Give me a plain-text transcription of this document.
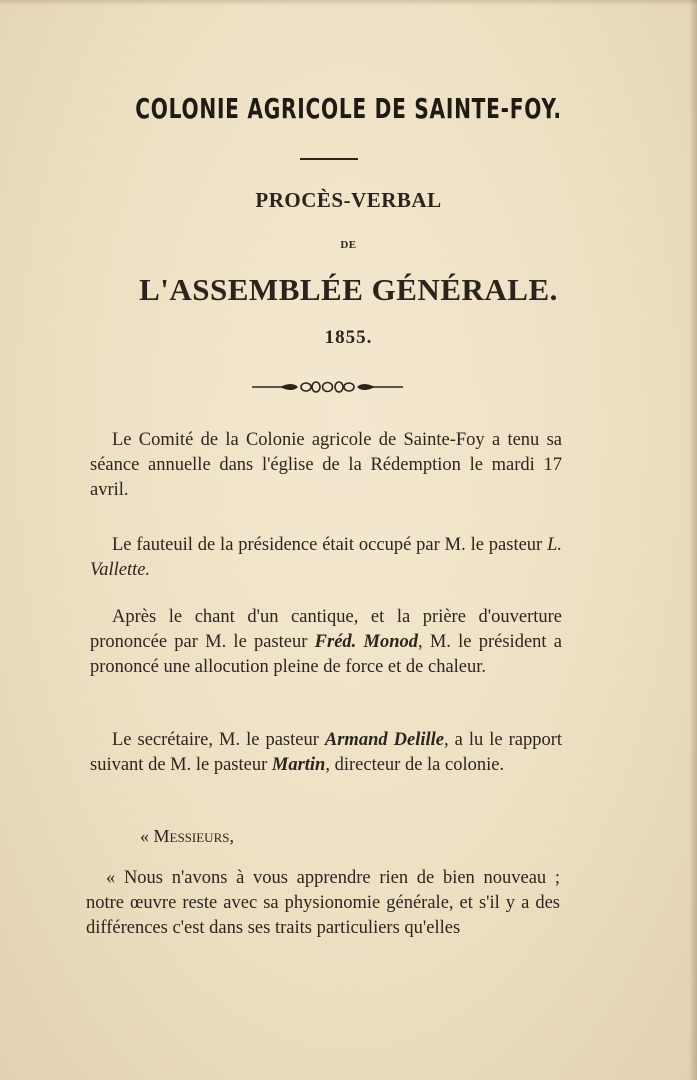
COLONIE AGRICOLE DE SAINTE-FOY.
PROCÈS-VERBAL
DE
L'ASSEMBLÉE GÉNÉRALE.
1855.

Le Comité de la Colonie agricole de Sainte-Foy a tenu sa séance annuelle dans l'église de la Rédemption le mardi 17 avril.

Le fauteuil de la présidence était occupé par M. le pasteur L. Vallette.

Après le chant d'un cantique, et la prière d'ouverture prononcée par M. le pasteur Fréd. Monod, M. le président a prononcé une allocution pleine de force et de chaleur.

Le secrétaire, M. le pasteur Armand Delille, a lu le rapport suivant de M. le pasteur Martin, directeur de la colonie.

« Messieurs,

« Nous n'avons à vous apprendre rien de bien nouveau ; notre œuvre reste avec sa physionomie générale, et s'il y a des différences c'est dans ses traits particuliers qu'elles
